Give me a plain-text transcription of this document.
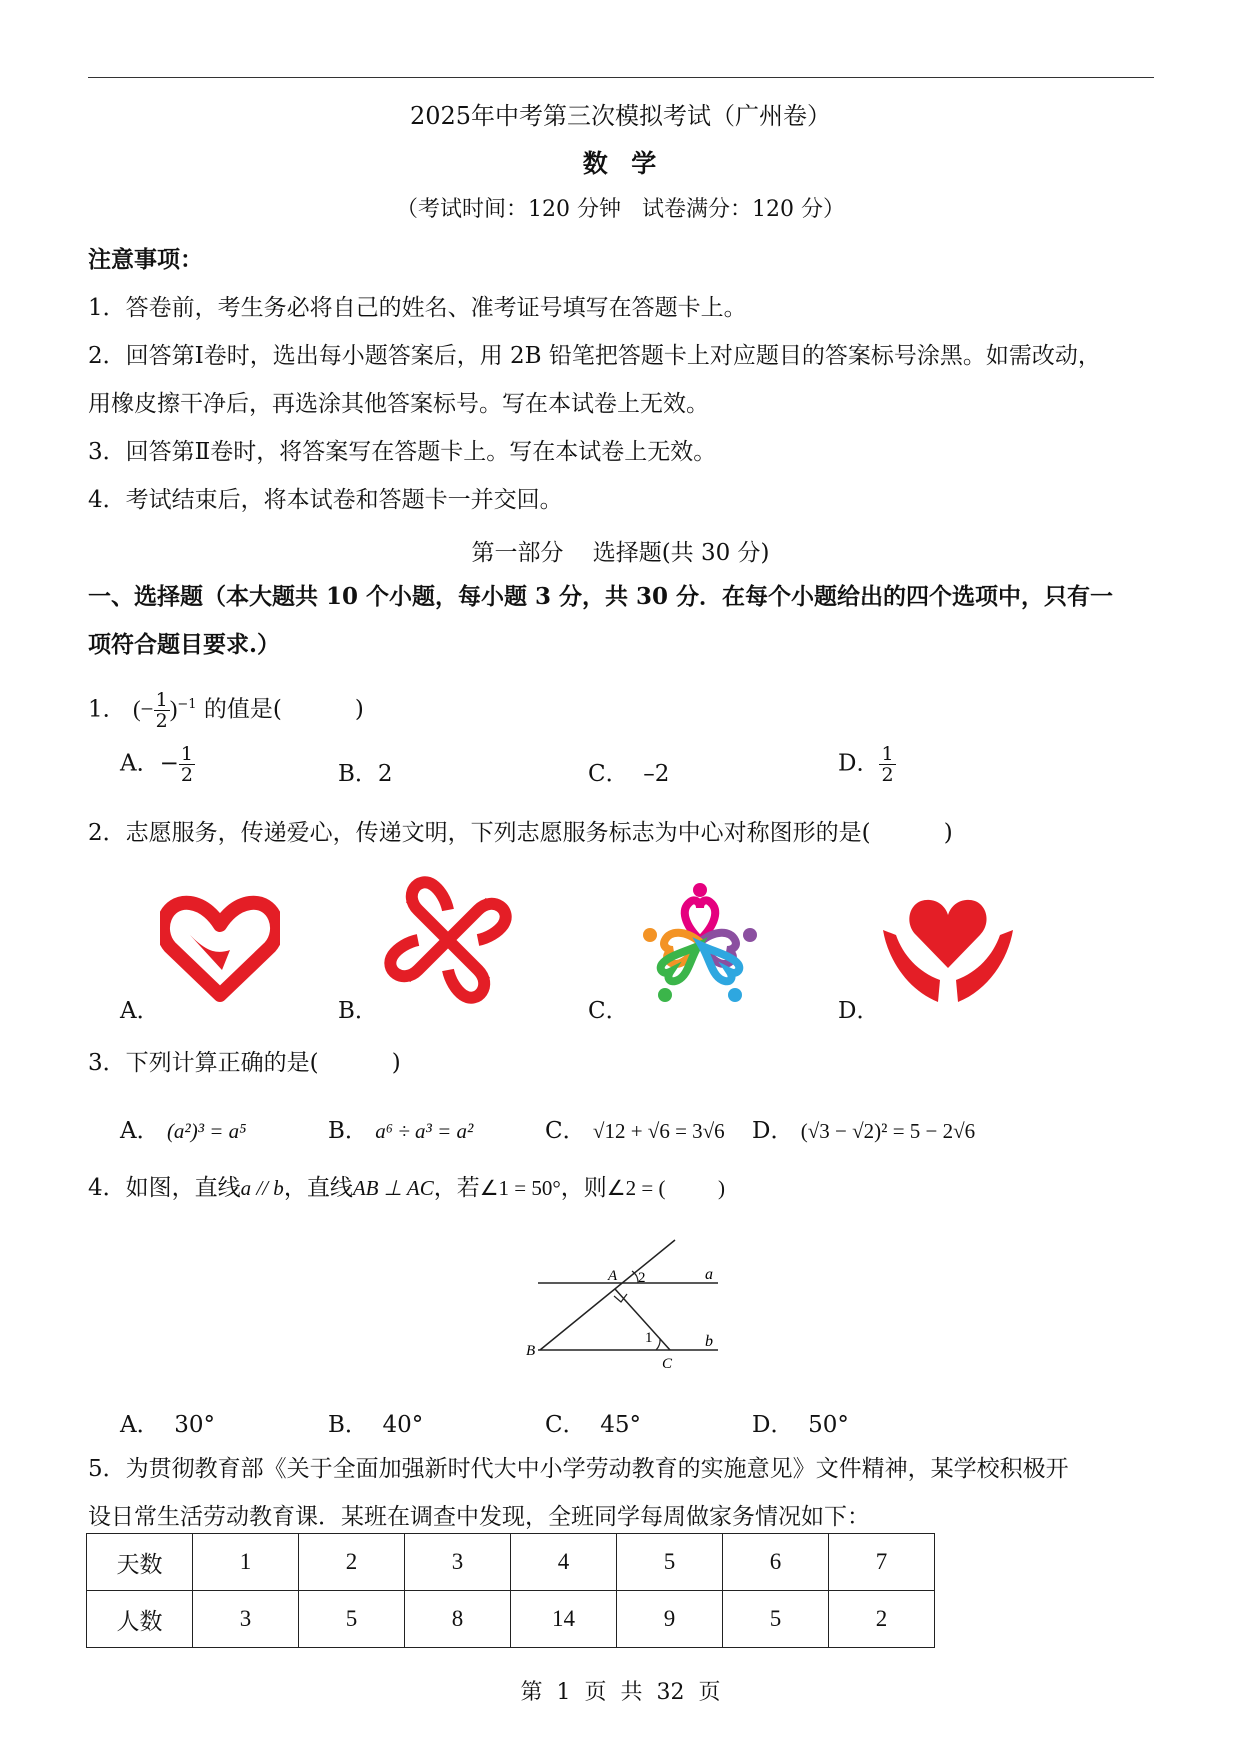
2025年中考第三次模拟考试（广州卷）
数  学
（考试时间：120 分钟   试卷满分：120 分）
注意事项：
1．答卷前，考生务必将自己的姓名、准考证号填写在答题卡上。
2．回答第Ⅰ卷时，选出每小题答案后，用 2B 铅笔把答题卡上对应题目的答案标号涂黑。如需改动，
用橡皮擦干净后，再选涂其他答案标号。写在本试卷上无效。
3．回答第Ⅱ卷时，将答案写在答题卡上。写在本试卷上无效。
4．考试结束后，将本试卷和答题卡一并交回。
第一部分    选择题(共 30 分)
一、选择题（本大题共 10 个小题，每小题 3 分，共 30 分．在每个小题给出的四个选项中，只有一
项符合题目要求.）
1． (− $\frac{1}{2} )^{-1}$ 的值是(          )
A．− $\frac{1}{2}$	B．2	C．  –2	D． $\frac{1}{2}$
2．志愿服务，传递爱心，传递文明，下列志愿服务标志为中心对称图形的是(          )
A．	B．	C．	D．
3．下列计算正确的是(          )
A． (a²)³ = a⁵	B． a⁶ ÷ a³ = a²	C． √12 + √6 = 3√6 D． (√3 − √2)² = 5 − 2√6
4．如图，直线a // b，直线AB ⊥ AC，若∠1 = 50°，则∠2 = (          )
A 2	a
B
1	b
C
A．  30°	B．  40°	C．  45°	D．  50°
5．为贯彻教育部《关于全面加强新时代大中小学劳动教育的实施意见》文件精神，某学校积极开
设日常生活劳动教育课．某班在调查中发现，全班同学每周做家务情况如下：
天数	1	2	3	4	5	6	7
人数	3	5	8	14	9	5	2
第  1  页  共  32  页
